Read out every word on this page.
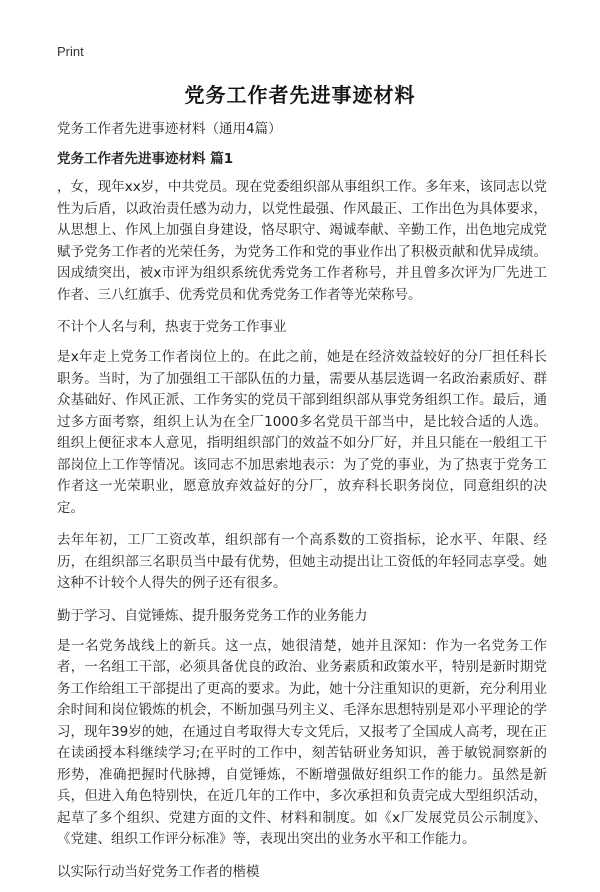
Print
党务工作者先进事迹材料

党务工作者先进事迹材料（通用4篇）

党务工作者先进事迹材料 篇1

，女，现年xx岁，中共党员。现在党委组织部从事组织工作。多年来，该同志以党性为后盾，以政治责任感为动力，以党性最强、作风最正、工作出色为具体要求，从思想上、作风上加强自身建设，恪尽职守、竭诚奉献、辛勤工作，出色地完成党赋予党务工作者的光荣任务，为党务工作和党的事业作出了积极贡献和优异成绩。因成绩突出，被x市评为组织系统优秀党务工作者称号，并且曾多次评为厂先进工作者、三八红旗手、优秀党员和优秀党务工作者等光荣称号。

不计个人名与利，热衷于党务工作事业

是x年走上党务工作者岗位上的。在此之前，她是在经济效益较好的分厂担任科长职务。当时，为了加强组工干部队伍的力量，需要从基层选调一名政治素质好、群众基础好、作风正派、工作务实的党员干部到组织部从事党务组织工作。最后，通过多方面考察，组织上认为在全厂1000多名党员干部当中，是比较合适的人选。组织上便征求本人意见，指明组织部门的效益不如分厂好，并且只能在一般组工干部岗位上工作等情况。该同志不加思索地表示：为了党的事业，为了热衷于党务工作者这一光荣职业，愿意放弃效益好的分厂，放弃科长职务岗位，同意组织的决定。

去年年初，工厂工资改革，组织部有一个高系数的工资指标，论水平、年限、经历，在组织部三名职员当中最有优势，但她主动提出让工资低的年轻同志享受。她这种不计较个人得失的例子还有很多。

勤于学习、自觉锤炼、提升服务党务工作的业务能力

是一名党务战线上的新兵。这一点，她很清楚，她并且深知：作为一名党务工作者，一名组工干部，必须具备优良的政治、业务素质和政策水平，特别是新时期党务工作给组工干部提出了更高的要求。为此，她十分注重知识的更新，充分利用业余时间和岗位锻炼的机会，不断加强马列主义、毛泽东思想特别是邓小平理论的学习，现年39岁的她，在通过自考取得大专文凭后，又报考了全国成人高考，现在正在读函授本科继续学习;在平时的工作中，刻苦钻研业务知识，善于敏锐洞察新的形势，准确把握时代脉搏，自觉锤炼，不断增强做好组织工作的能力。虽然是新兵，但进入角色特别快，在近几年的工作中，多次承担和负责完成大型组织活动，起草了多个组织、党建方面的文件、材料和制度。如《x厂发展党员公示制度》、《党建、组织工作评分标准》等，表现出突出的业务水平和工作能力。

以实际行动当好党务工作者的楷模
